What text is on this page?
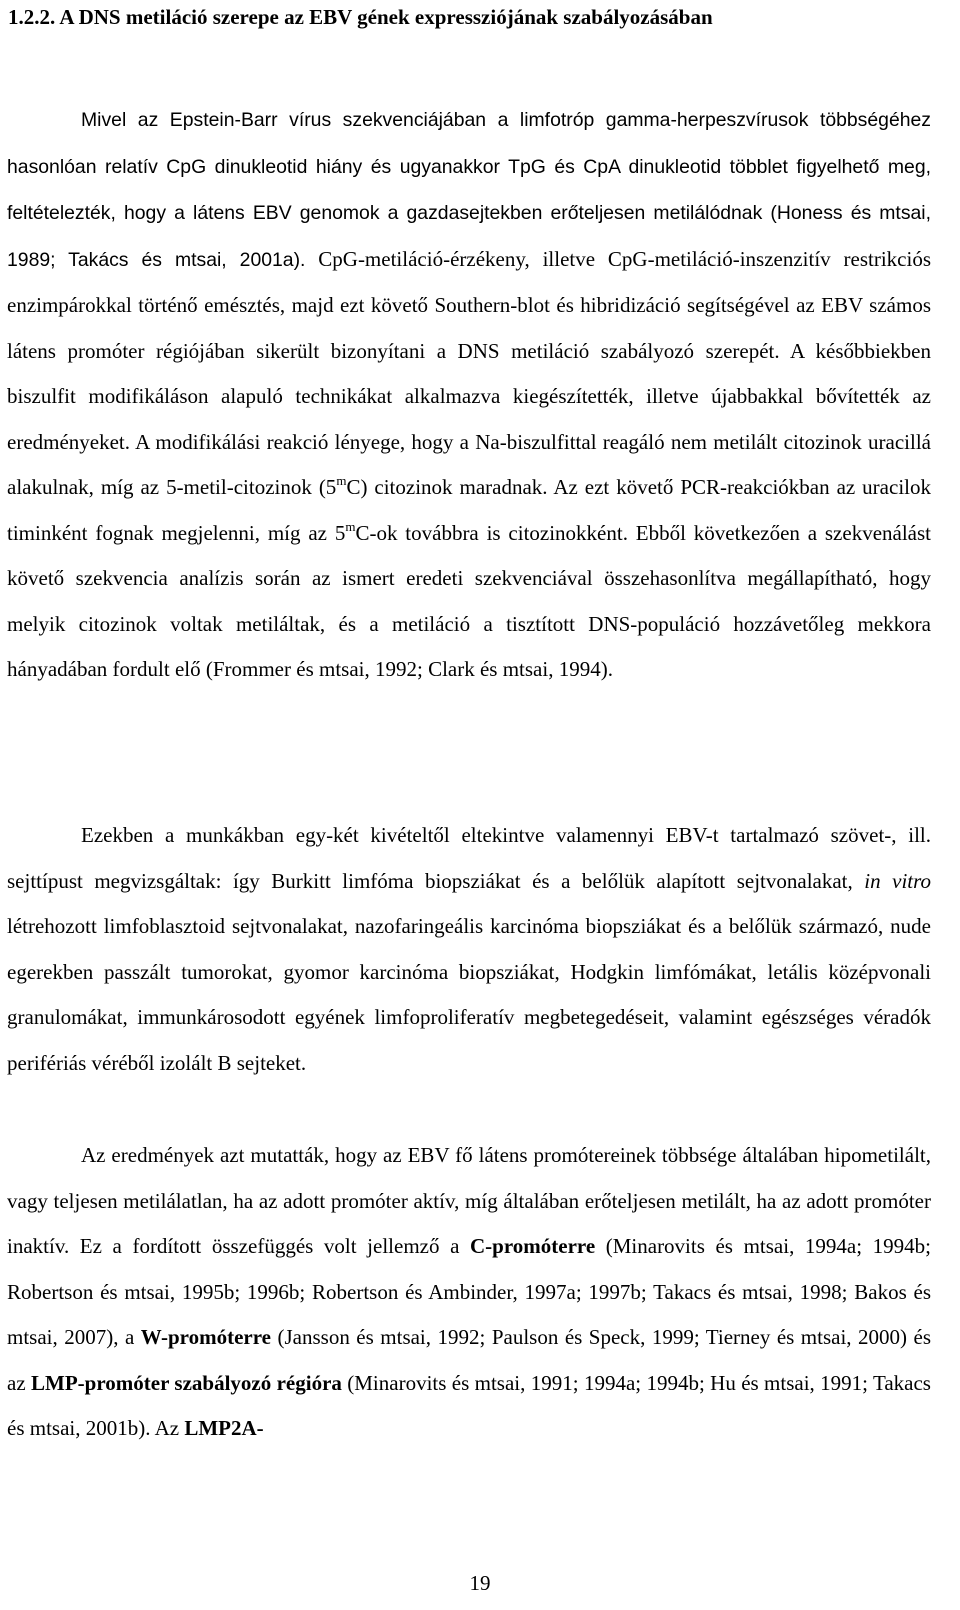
1.2.2. A DNS metiláció szerepe az EBV gének expressziójának szabályozásában

Mivel az Epstein-Barr vírus szekvenciájában a limfotróp gamma-herpeszvírusok többségéhez hasonlóan relatív CpG dinukleotid hiány és ugyanakkor TpG és CpA dinukleotid többlet figyelhető meg, feltételezték, hogy a látens EBV genomok a gazdasejtekben erőteljesen metilálódnak (Honess és mtsai, 1989; Takács és mtsai, 2001a). CpG-metiláció-érzékeny, illetve CpG-metiláció-inszenzitív restrikciós enzimpárokkal történő emésztés, majd ezt követő Southern-blot és hibridizáció segítségével az EBV számos látens promóter régiójában sikerült bizonyítani a DNS metiláció szabályozó szerepét. A későbbiekben biszulfit modifikáláson alapuló technikákat alkalmazva kiegészítették, illetve újabbakkal bővítették az eredményeket. A modifikálási reakció lényege, hogy a Na-biszulfittal reagáló nem metilált citozinok uracillá alakulnak, míg az 5-metil-citozinok (5$^m$C) citozinok maradnak. Az ezt követő PCR-reakciókban az uracilok timinként fognak megjelenni, míg az 5$^m$C-ok továbbra is citozinokként. Ebből következően a szekvenálást követő szekvencia analízis során az ismert eredeti szekvenciával összehasonlítva megállapítható, hogy melyik citozinok voltak metiláltak, és a metiláció a tisztított DNS-populáció hozzávetőleg mekkora hányadában fordult elő (Frommer és mtsai, 1992; Clark és mtsai, 1994).

Ezekben a munkákban egy-két kivételtől eltekintve valamennyi EBV-t tartalmazó szövet-, ill. sejttípust megvizsgáltak: így Burkitt limfóma biopsziákat és a belőlük alapított sejtvonalakat, in vitro létrehozott limfoblasztoid sejtvonalakat, nazofaringeális karcinóma biopsziákat és a belőlük származó, nude egerekben passzált tumorokat, gyomor karcinóma biopsziákat, Hodgkin limfómákat, letális középvonali granulomákat, immunkárosodott egyének limfoproliferatív megbetegedéseit, valamint egészséges véradók perifériás véréből izolált B sejteket.

Az eredmények azt mutatták, hogy az EBV fő látens promótereinek többsége általában hipometilált, vagy teljesen metilálatlan, ha az adott promóter aktív, míg általában erőteljesen metilált, ha az adott promóter inaktív. Ez a fordított összefüggés volt jellemző a C-promóterre (Minarovits és mtsai, 1994a; 1994b; Robertson és mtsai, 1995b; 1996b; Robertson és Ambinder, 1997a; 1997b; Takacs és mtsai, 1998; Bakos és mtsai, 2007), a W-promóterre (Jansson és mtsai, 1992; Paulson és Speck, 1999; Tierney és mtsai, 2000) és az LMP-promóter szabályozó régióra (Minarovits és mtsai, 1991; 1994a; 1994b; Hu és mtsai, 1991; Takacs és mtsai, 2001b). Az LMP2A-

19
